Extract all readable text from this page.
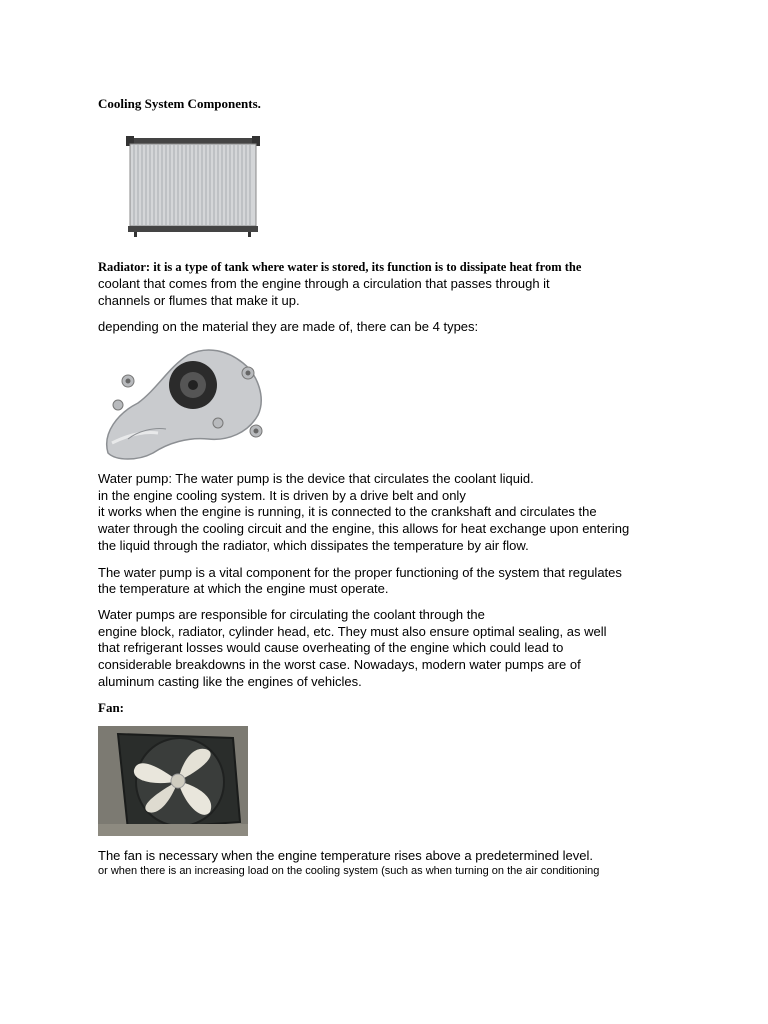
Cooling System Components.
Radiator: it is a type of tank where water is stored, its function is to dissipate heat from the
coolant that comes from the engine through a circulation that passes through it
channels or flumes that make it up.
depending on the material they are made of, there can be 4 types:
Water pump: The water pump is the device that circulates the coolant liquid.
in the engine cooling system. It is driven by a drive belt and only
it works when the engine is running, it is connected to the crankshaft and circulates the
water through the cooling circuit and the engine, this allows for heat exchange upon entering
the liquid through the radiator, which dissipates the temperature by air flow.
The water pump is a vital component for the proper functioning of the system that regulates
the temperature at which the engine must operate.
Water pumps are responsible for circulating the coolant through the
engine block, radiator, cylinder head, etc. They must also ensure optimal sealing, as well
that refrigerant losses would cause overheating of the engine which could lead to
considerable breakdowns in the worst case. Nowadays, modern water pumps are of
aluminum casting like the engines of vehicles.
Fan:
The fan is necessary when the engine temperature rises above a predetermined level.
or when there is an increasing load on the cooling system (such as when turning on the air conditioning
